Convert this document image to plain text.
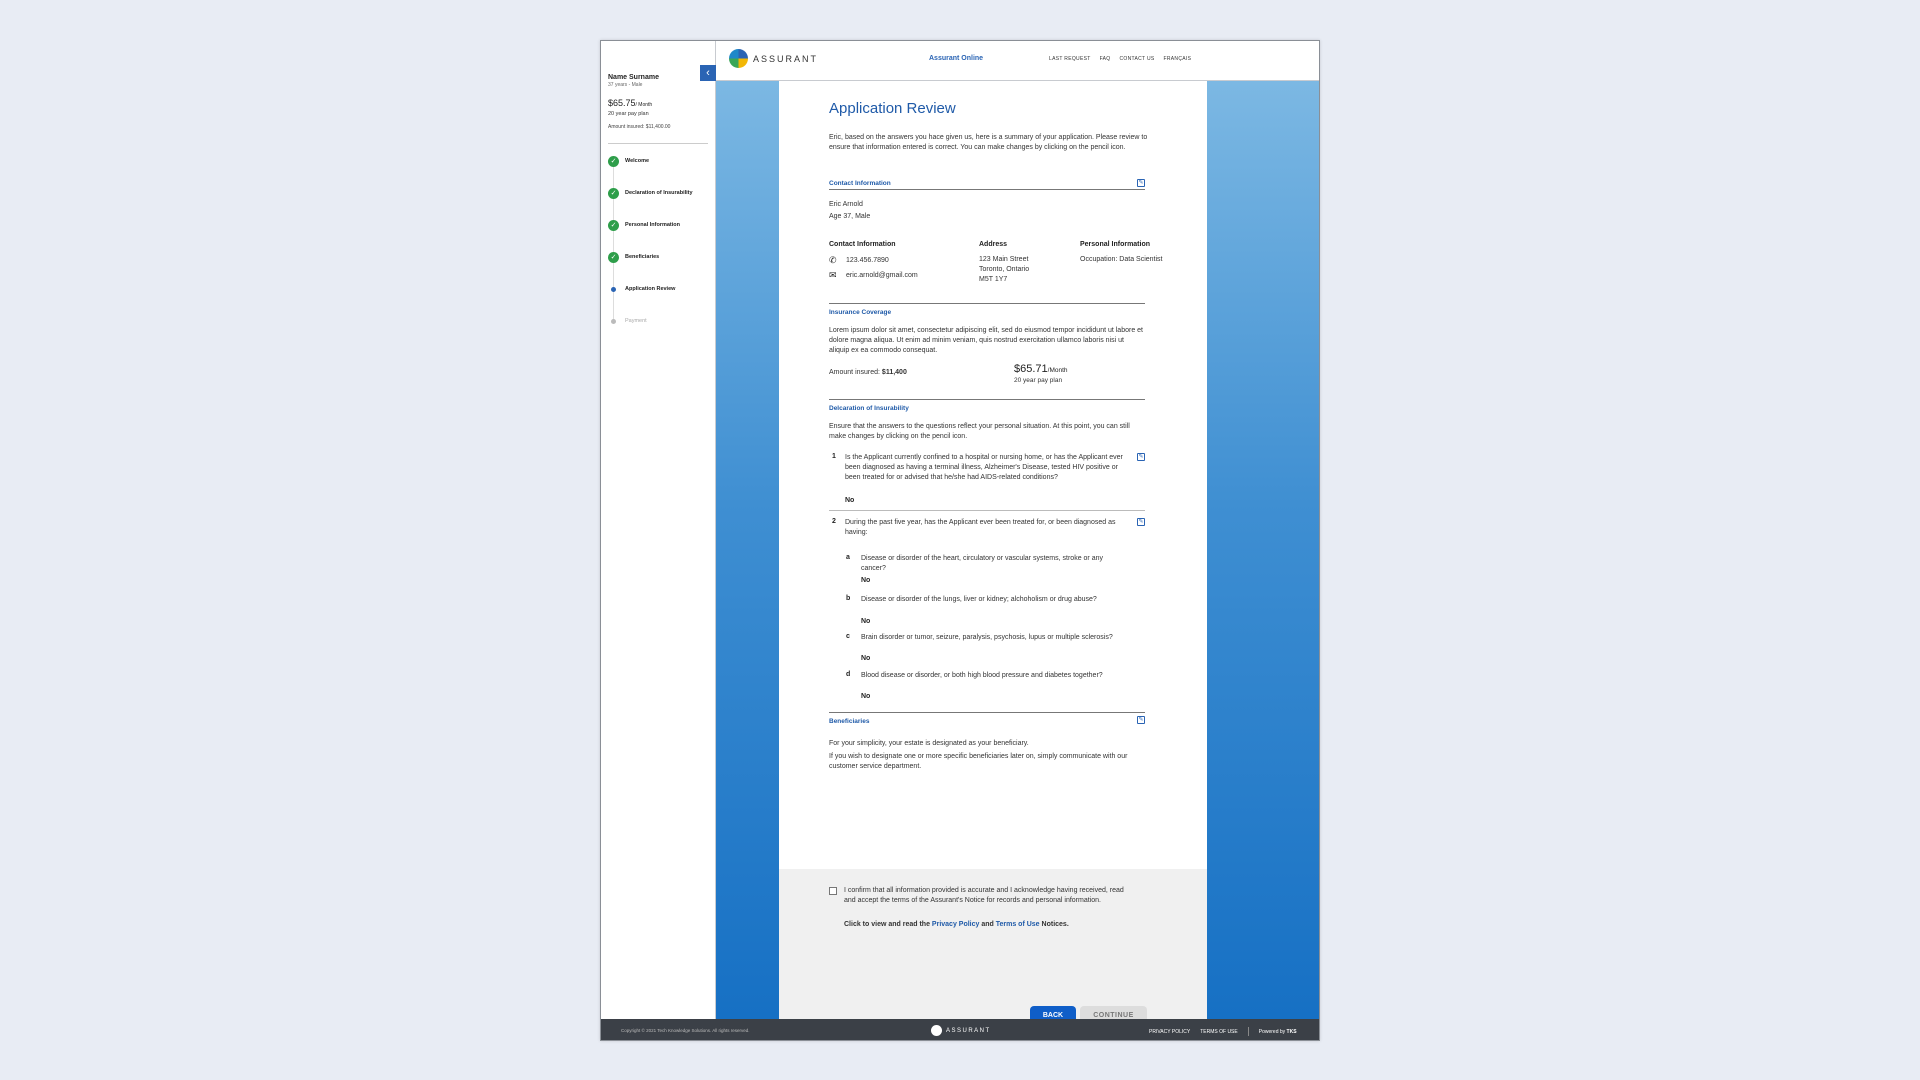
‹
Name Surname
37 years - Male
$65.75/ Month
20 year pay plan
Amount insured: $11,400.00
✓	Welcome
✓	Declaration of Insurability
✓	Personal Information
✓	Beneficiaries
Application Review
Payment
ASSURANT	Assurant Online	LAST REQUEST FAQ CONTACT US FRANÇAIS
Application Review
Eric, based on the answers you hace given us, here is a summary of your application. Please review to ensure that information entered is correct. You can make changes by clicking on the pencil icon.
Contact Information	✎
Eric Arnold
Age 37, Male
Contact Information
✆ 123.456.7890
✉ eric.arnold@gmail.com
Address
123 Main Street
Toronto, Ontario
M5T 1Y7
Personal Information
Occupation: Data Scientist
Insurance Coverage
Lorem ipsum dolor sit amet, consectetur adipiscing elit, sed do eiusmod tempor incididunt ut labore et dolore magna aliqua. Ut enim ad minim veniam, quis nostrud exercitation ullamco laboris nisi ut aliquip ex ea commodo consequat.
Amount insured: $11,400	$65.71/Month
20 year pay plan
Delcaration of Insurability
Ensure that the answers to the questions reflect your personal situation. At this point, you can still make changes by clicking on the pencil icon.
1 Is the Applicant currently confined to a hospital or nursing home, or has the Applicant ever been diagnosed as having a terminal illness, Alzheimer's Disease, tested HIV positive or been treated for or advised that he/she had AIDS-related conditions?
✎
No
2 During the past five year, has the Applicant ever been treated for, or been diagnosed as having:
✎
a Disease or disorder of the heart, circulatory or vascular systems, stroke or any cancer?
No
b Disease or disorder of the lungs, liver or kidney; alchoholism or drug abuse?
No
c Brain disorder or tumor, seizure, paralysis, psychosis, lupus or multiple sclerosis?
No
d Blood disease or disorder, or both high blood pressure and diabetes together?
No
Beneficiaries	✎
For your simplicity, your estate is designated as your beneficiary.
If you wish to designate one or more specific beneficiaries later on, simply communicate with our customer service department.
I confirm that all information provided is accurate and I acknowledge having received, read and accept the terms of the Assurant's Notice for records and personal information.
Click to view and read the Privacy Policy and Terms of Use Notices.
BACK	CONTINUE
Copyright © 2021 Tech Knowledge Solutions. All rights reserved.	ASSURANT	PRIVACY POLICY TERMS OF USE	Powered by TKS
